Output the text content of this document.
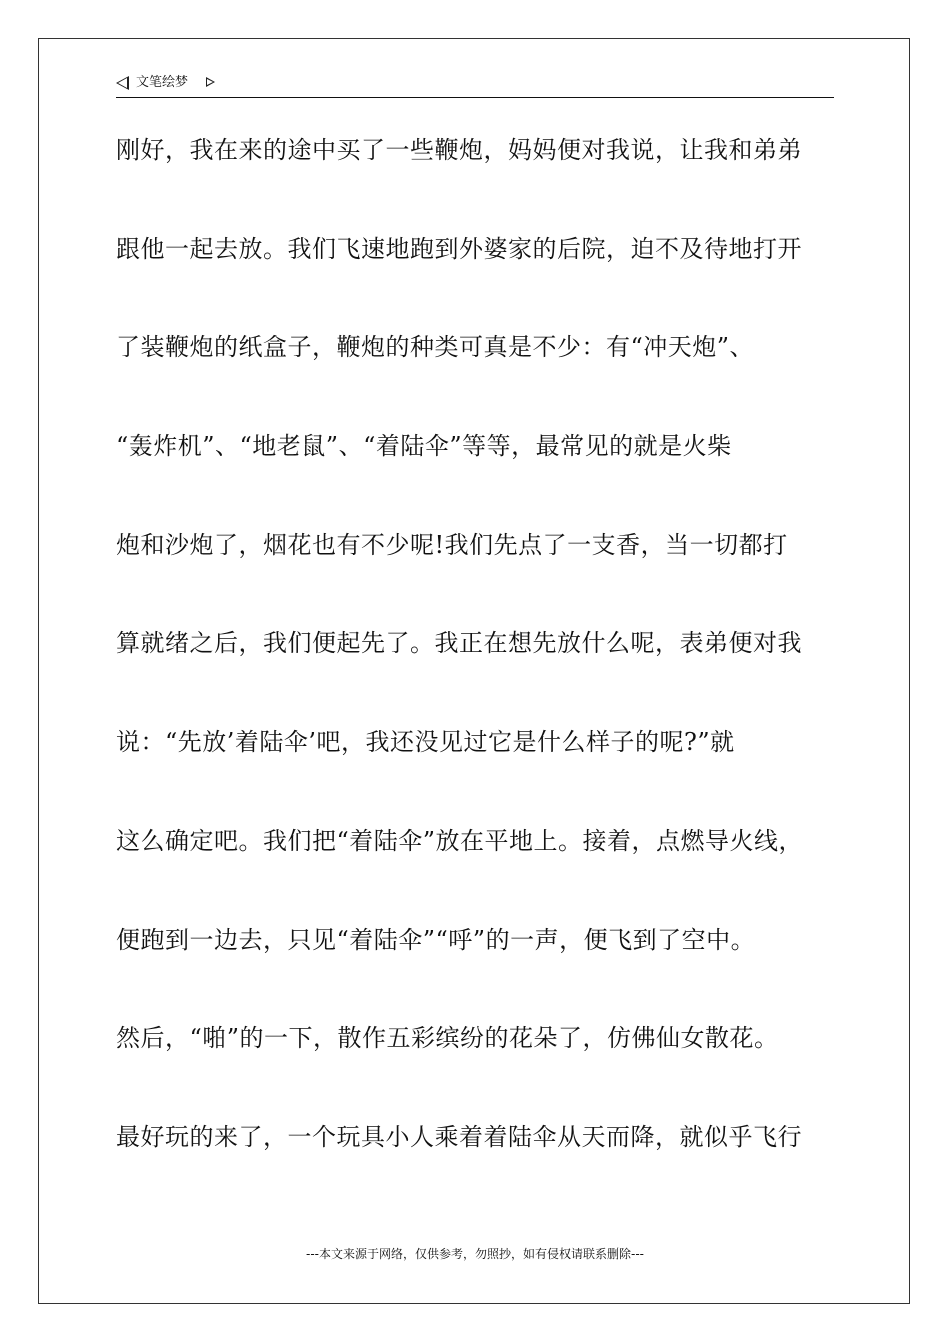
文笔绘梦
刚好，我在来的途中买了一些鞭炮，妈妈便对我说，让我和弟弟
跟他一起去放。我们飞速地跑到外婆家的后院，迫不及待地打开
了装鞭炮的纸盒子，鞭炮的种类可真是不少：有“冲天炮”、
“轰炸机”、“地老鼠”、“着陆伞”等等，最常见的就是火柴
炮和沙炮了，烟花也有不少呢!我们先点了一支香，当一切都打
算就绪之后，我们便起先了。我正在想先放什么呢，表弟便对我
说：“先放’着陆伞’吧，我还没见过它是什么样子的呢?”就
这么确定吧。我们把“着陆伞”放在平地上。接着，点燃导火线，
便跑到一边去，只见“着陆伞”“呼”的一声，便飞到了空中。
然后，“啪”的一下，散作五彩缤纷的花朵了，仿佛仙女散花。
最好玩的来了，一个玩具小人乘着着陆伞从天而降，就似乎飞行
---本文来源于网络，仅供参考，勿照抄，如有侵权请联系删除---
